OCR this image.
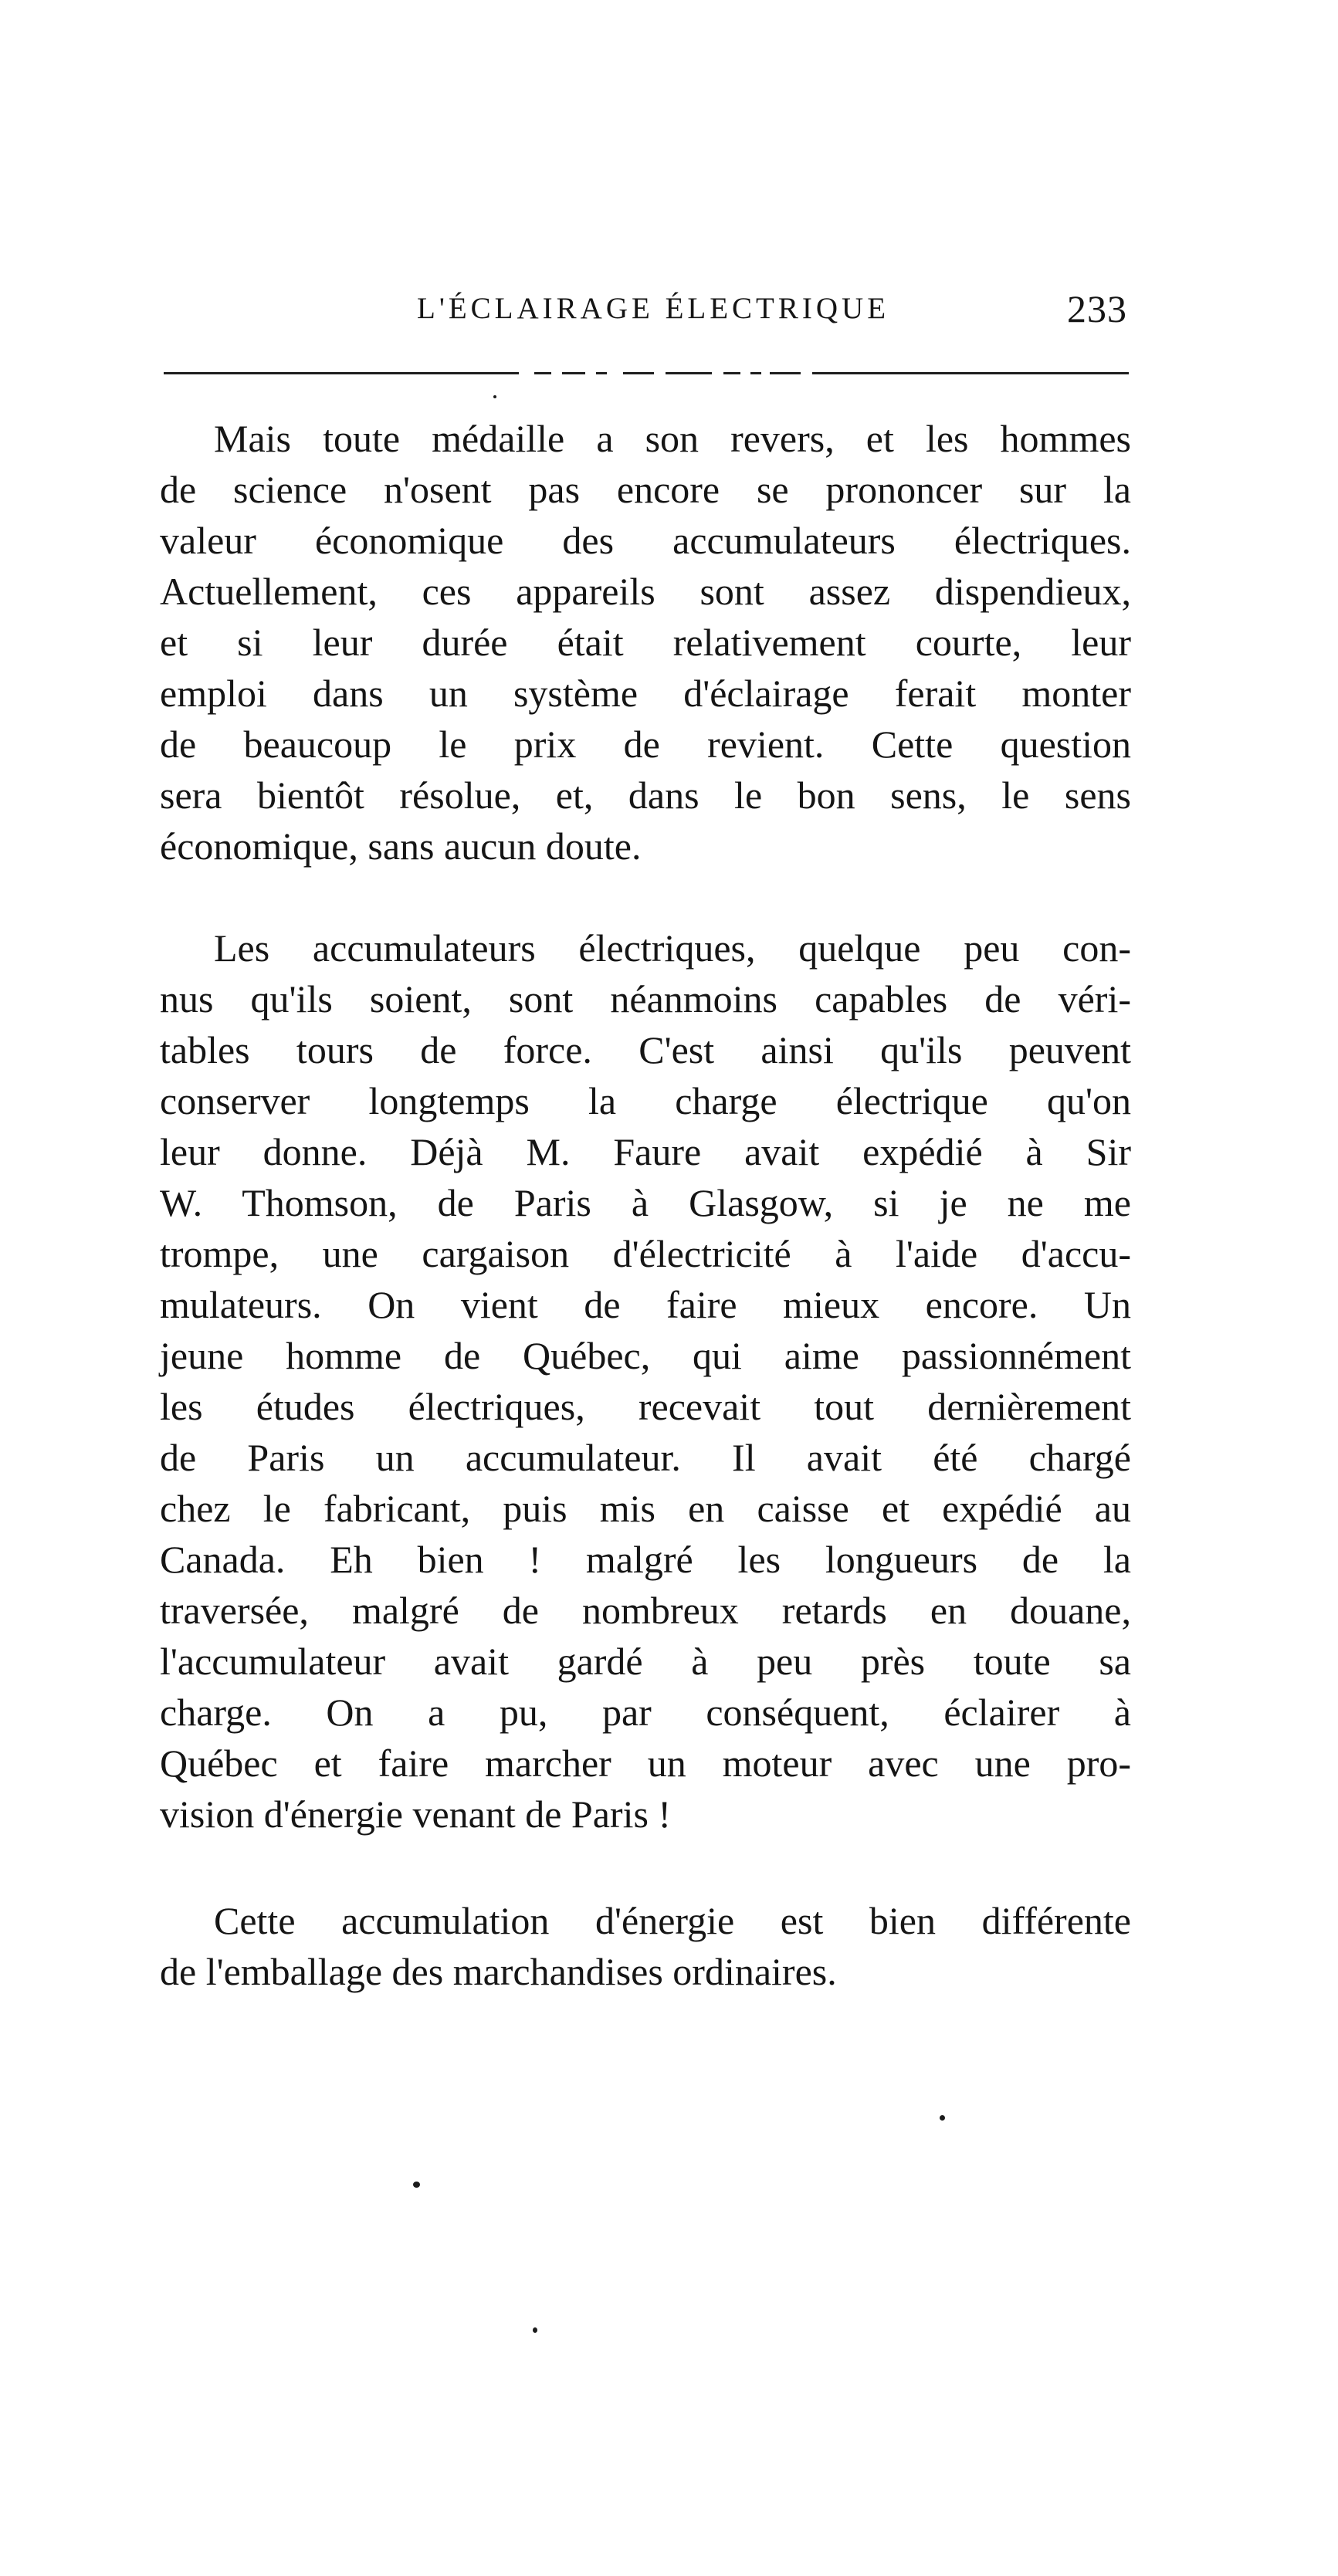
L'ÉCLAIRAGE ÉLECTRIQUE	233
Mais toute médaille a son revers, et les hommes
de science n'osent pas encore se prononcer sur la
valeur économique des accumulateurs électriques.
Actuellement, ces appareils sont assez dispendieux,
et si leur durée était relativement courte, leur
emploi dans un système d'éclairage ferait monter
de beaucoup le prix de revient. Cette question
sera bientôt résolue, et, dans le bon sens, le sens
économique, sans aucun doute.
Les accumulateurs électriques, quelque peu con-
nus qu'ils soient, sont néanmoins capables de véri-
tables tours de force. C'est ainsi qu'ils peuvent
conserver longtemps la charge électrique qu'on
leur donne. Déjà M. Faure avait expédié à Sir
W. Thomson, de Paris à Glasgow, si je ne me
trompe, une cargaison d'électricité à l'aide d'accu-
mulateurs. On vient de faire mieux encore. Un
jeune homme de Québec, qui aime passionnément
les études électriques, recevait tout dernièrement
de Paris un accumulateur. Il avait été chargé
chez le fabricant, puis mis en caisse et expédié au
Canada. Eh bien ! malgré les longueurs de la
traversée, malgré de nombreux retards en douane,
l'accumulateur avait gardé à peu près toute sa
charge. On a pu, par conséquent, éclairer à
Québec et faire marcher un moteur avec une pro-
vision d'énergie venant de Paris !
Cette accumulation d'énergie est bien différente
de l'emballage des marchandises ordinaires.
